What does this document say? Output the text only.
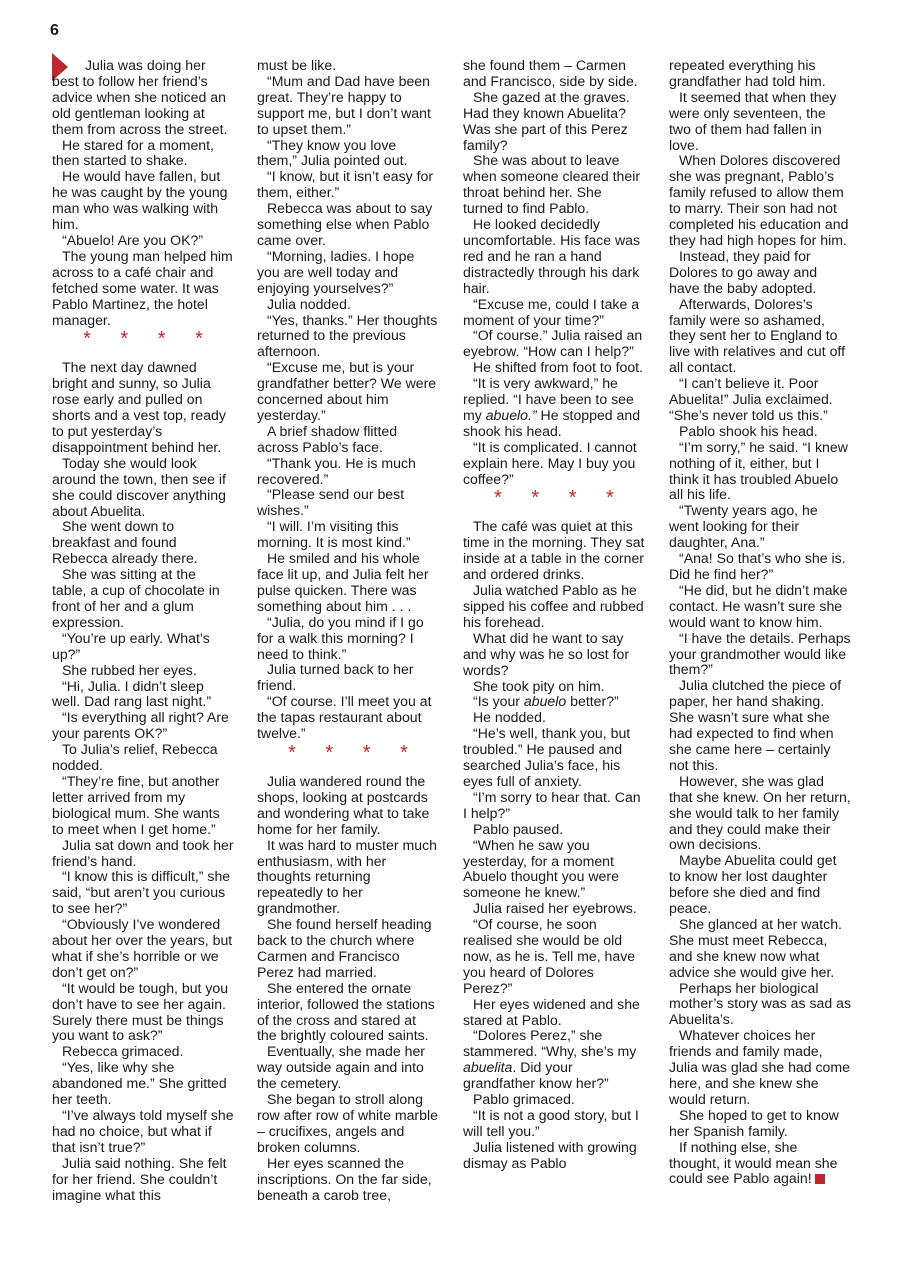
6

Julia was doing her best to follow her friend’s advice when she noticed an old gentleman looking at them from across the street.

He stared for a moment, then started to shake.

He would have fallen, but he was caught by the young man who was walking with him.

“Abuelo! Are you OK?”

The young man helped him across to a café chair and fetched some water. It was Pablo Martinez, the hotel manager.

* * * *

The next day dawned bright and sunny, so Julia rose early and pulled on shorts and a vest top, ready to put yesterday’s disappointment behind her.

Today she would look around the town, then see if she could discover anything about Abuelita.

She went down to breakfast and found Rebecca already there.

She was sitting at the table, a cup of chocolate in front of her and a glum expression.

“You’re up early. What’s up?”

She rubbed her eyes.

“Hi, Julia. I didn’t sleep well. Dad rang last night.”

“Is everything all right? Are your parents OK?”

To Julia’s relief, Rebecca nodded.

“They’re fine, but another letter arrived from my biological mum. She wants to meet when I get home.”

Julia sat down and took her friend’s hand.

“I know this is difficult,” she said, “but aren’t you curious to see her?”

“Obviously I’ve wondered about her over the years, but what if she’s horrible or we don’t get on?”

“It would be tough, but you don’t have to see her again. Surely there must be things you want to ask?”

Rebecca grimaced.

“Yes, like why she abandoned me.” She gritted her teeth.

“I’ve always told myself she had no choice, but what if that isn’t true?”

Julia said nothing. She felt for her friend. She couldn’t imagine what this

must be like.

“Mum and Dad have been great. They’re happy to support me, but I don’t want to upset them.”

“They know you love them,” Julia pointed out.

“I know, but it isn’t easy for them, either.”

Rebecca was about to say something else when Pablo came over.

“Morning, ladies. I hope you are well today and enjoying yourselves?”

Julia nodded.

“Yes, thanks.” Her thoughts returned to the previous afternoon.

“Excuse me, but is your grandfather better? We were concerned about him yesterday.”

A brief shadow flitted across Pablo’s face.

“Thank you. He is much recovered.”

“Please send our best wishes.”

“I will. I’m visiting this morning. It is most kind.”

He smiled and his whole face lit up, and Julia felt her pulse quicken. There was something about him . . .

“Julia, do you mind if I go for a walk this morning? I need to think.”

Julia turned back to her friend.

“Of course. I’ll meet you at the tapas restaurant about twelve.”

* * * *

Julia wandered round the shops, looking at postcards and wondering what to take home for her family.

It was hard to muster much enthusiasm, with her thoughts returning repeatedly to her grandmother.

She found herself heading back to the church where Carmen and Francisco Perez had married.

She entered the ornate interior, followed the stations of the cross and stared at the brightly coloured saints.

Eventually, she made her way outside again and into the cemetery.

She began to stroll along row after row of white marble – crucifixes, angels and broken columns.

Her eyes scanned the inscriptions. On the far side, beneath a carob tree,

she found them – Carmen and Francisco, side by side.

She gazed at the graves. Had they known Abuelita? Was she part of this Perez family?

She was about to leave when someone cleared their throat behind her. She turned to find Pablo.

He looked decidedly uncomfortable. His face was red and he ran a hand distractedly through his dark hair.

“Excuse me, could I take a moment of your time?”

“Of course.” Julia raised an eyebrow. “How can I help?”

He shifted from foot to foot.

“It is very awkward,” he replied. “I have been to see my abuelo.” He stopped and shook his head.

“It is complicated. I cannot explain here. May I buy you coffee?”

* * * *

The café was quiet at this time in the morning. They sat inside at a table in the corner and ordered drinks.

Julia watched Pablo as he sipped his coffee and rubbed his forehead.

What did he want to say and why was he so lost for words?

She took pity on him.

“Is your abuelo better?”

He nodded.

“He’s well, thank you, but troubled.” He paused and searched Julia’s face, his eyes full of anxiety.

“I’m sorry to hear that. Can I help?”

Pablo paused.

“When he saw you yesterday, for a moment Abuelo thought you were someone he knew.”

Julia raised her eyebrows.

“Of course, he soon realised she would be old now, as he is. Tell me, have you heard of Dolores Perez?”

Her eyes widened and she stared at Pablo.

“Dolores Perez,” she stammered. “Why, she’s my abuelita. Did your grandfather know her?”

Pablo grimaced.

“It is not a good story, but I will tell you.”

Julia listened with growing dismay as Pablo

repeated everything his grandfather had told him.

It seemed that when they were only seventeen, the two of them had fallen in love.

When Dolores discovered she was pregnant, Pablo’s family refused to allow them to marry. Their son had not completed his education and they had high hopes for him.

Instead, they paid for Dolores to go away and have the baby adopted.

Afterwards, Dolores’s family were so ashamed, they sent her to England to live with relatives and cut off all contact.

“I can’t believe it. Poor Abuelita!” Julia exclaimed. “She’s never told us this.”

Pablo shook his head.

“I’m sorry,” he said. “I knew nothing of it, either, but I think it has troubled Abuelo all his life.

“Twenty years ago, he went looking for their daughter, Ana.”

“Ana! So that’s who she is. Did he find her?”

“He did, but he didn’t make contact. He wasn’t sure she would want to know him.

“I have the details. Perhaps your grandmother would like them?”

Julia clutched the piece of paper, her hand shaking. She wasn’t sure what she had expected to find when she came here – certainly not this.

However, she was glad that she knew. On her return, she would talk to her family and they could make their own decisions.

Maybe Abuelita could get to know her lost daughter before she died and find peace.

She glanced at her watch. She must meet Rebecca, and she knew now what advice she would give her.

Perhaps her biological mother’s story was as sad as Abuelita’s.

Whatever choices her friends and family made, Julia was glad she had come here, and she knew she would return.

She hoped to get to know her Spanish family.

If nothing else, she thought, it would mean she could see Pablo again!
